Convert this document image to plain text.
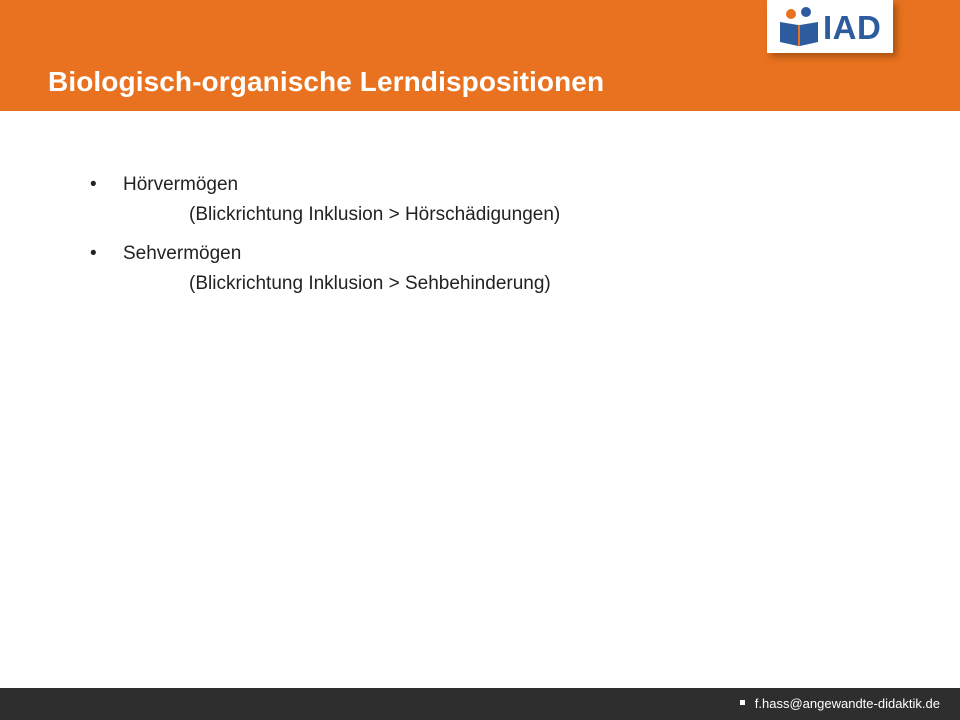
Biologisch-organische Lerndispositionen
IAD
• Hörvermögen
(Blickrichtung Inklusion > Hörschädigungen)
• Sehvermögen
(Blickrichtung Inklusion > Sehbehinderung)
f.hass@angewandte-didaktik.de
